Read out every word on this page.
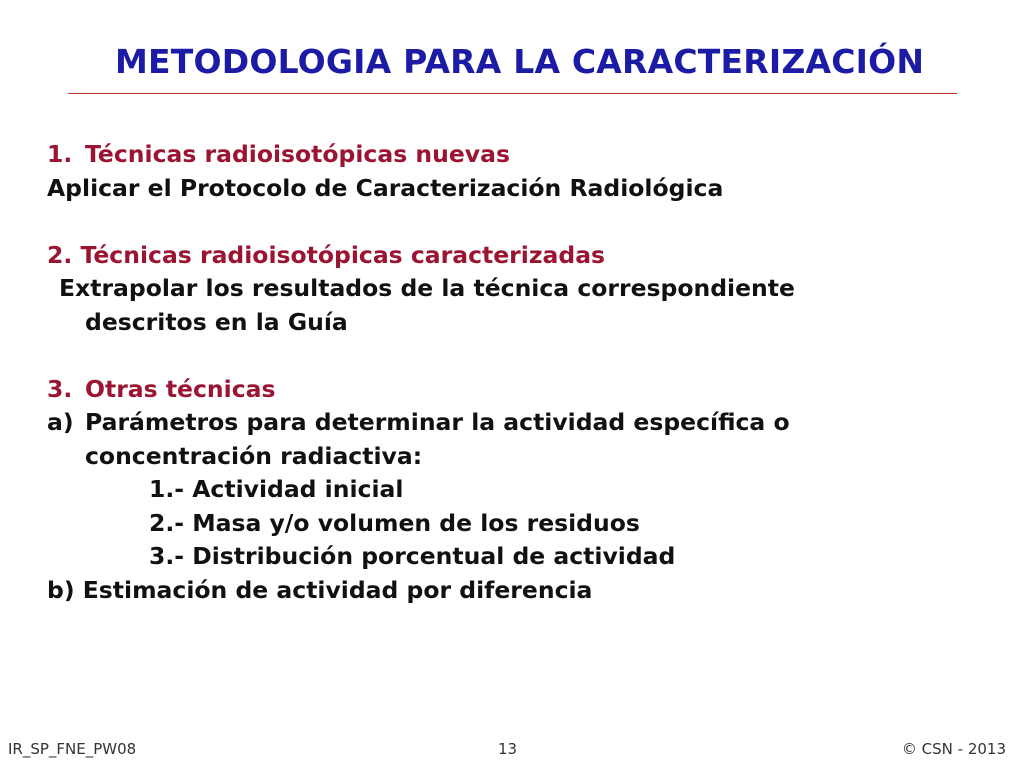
METODOLOGIA PARA LA CARACTERIZACIÓN
1. Técnicas radioisotópicas nuevas
Aplicar el Protocolo de Caracterización Radiológica
2. Técnicas radioisotópicas caracterizadas
Extrapolar los resultados de la técnica correspondiente
descritos en la Guía
3. Otras técnicas
a) Parámetros para determinar la actividad específica o
concentración radiactiva:
1.- Actividad inicial
2.- Masa y/o volumen de los residuos
3.- Distribución porcentual de actividad
b) Estimación de actividad por diferencia
IR_SP_FNE_PW08	13	© CSN - 2013
